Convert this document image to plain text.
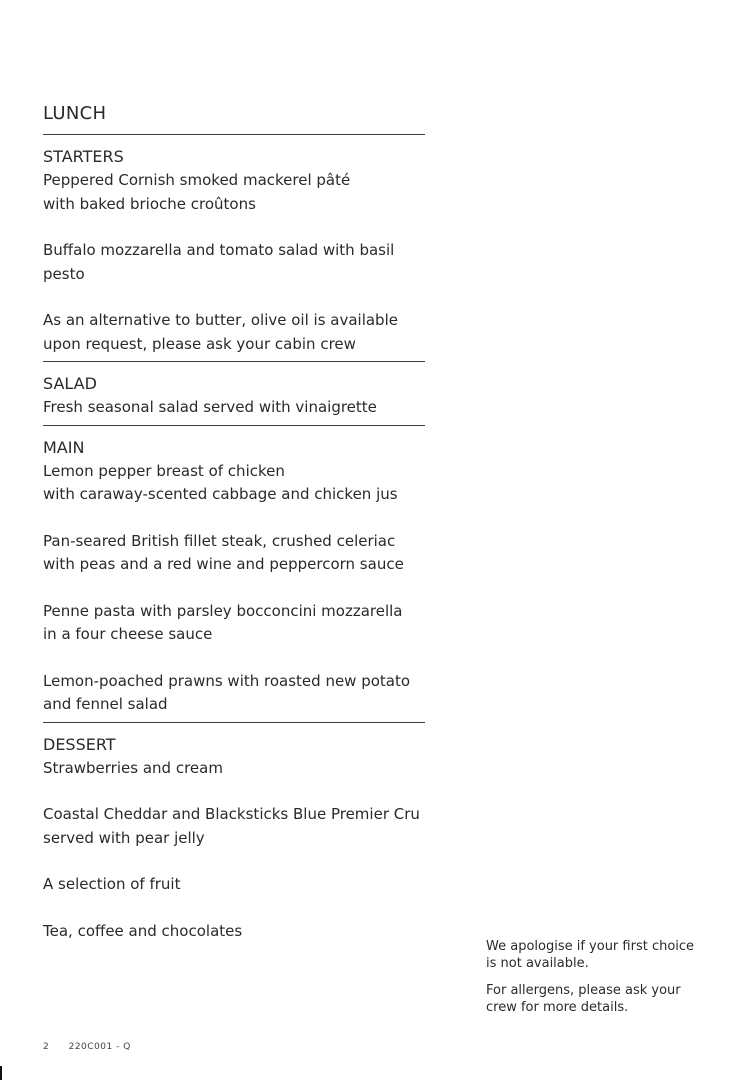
LUNCH
STARTERS

Peppered Cornish smoked mackerel pâté
with baked brioche croûtons

Buffalo mozzarella and tomato salad with basil pesto

As an alternative to butter, olive oil is available
upon request, please ask your cabin crew

SALAD

Fresh seasonal salad served with vinaigrette

MAIN

Lemon pepper breast of chicken
with caraway-scented cabbage and chicken jus

Pan-seared British fillet steak, crushed celeriac
with peas and a red wine and peppercorn sauce

Penne pasta with parsley bocconcini mozzarella
in a four cheese sauce

Lemon-poached prawns with roasted new potato
and fennel salad

DESSERT

Strawberries and cream

Coastal Cheddar and Blacksticks Blue Premier Cru
served with pear jelly

A selection of fruit

Tea, coffee and chocolates

We apologise if your first choice
is not available.

For allergens, please ask your
crew for more details.

2 220C001 - Q
